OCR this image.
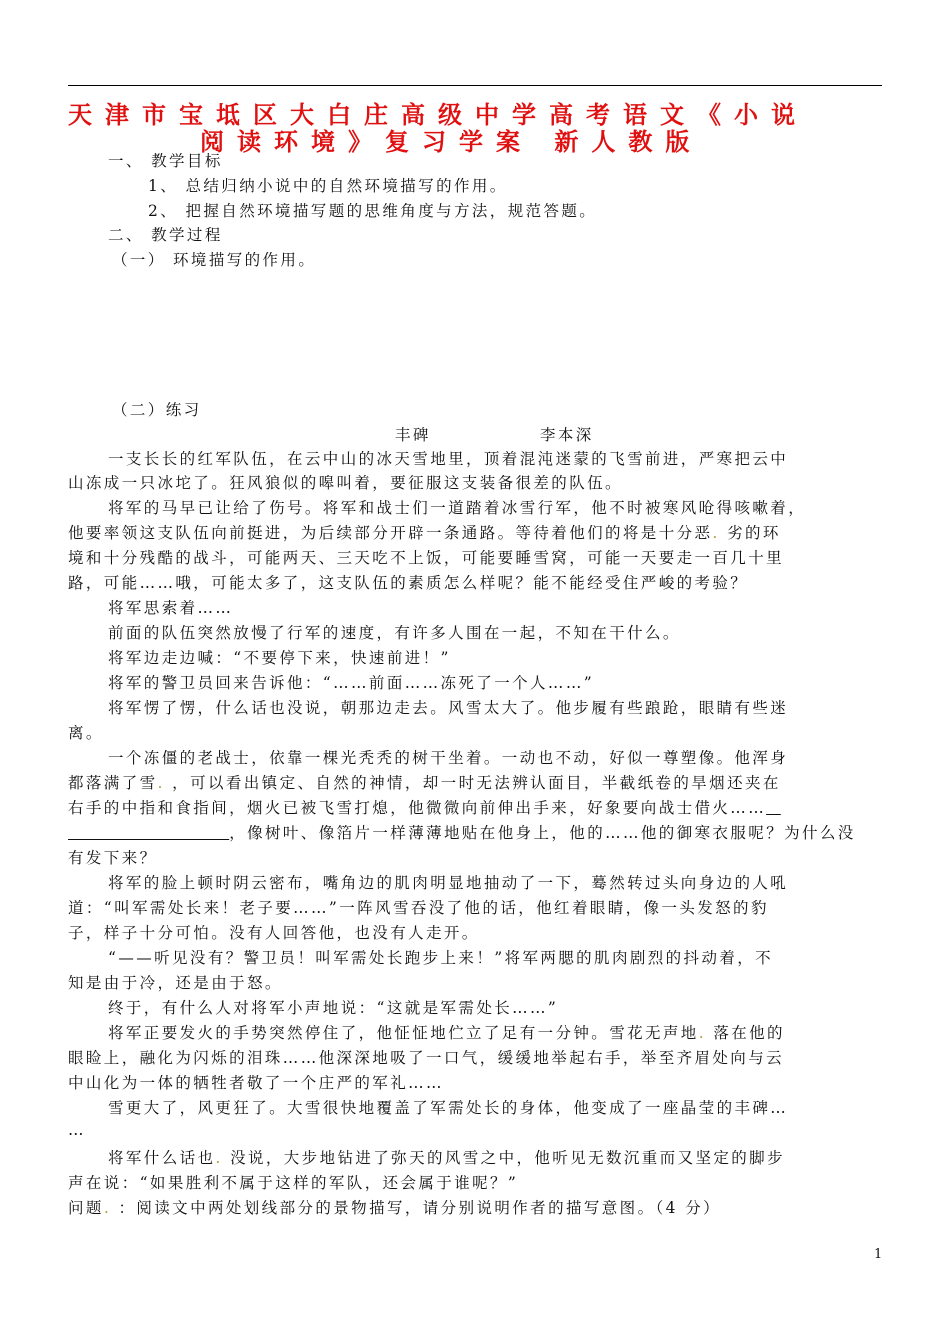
天津市宝坻区大白庄高级中学高考语文《小说
阅读环境》复习学案 新人教版
一、 教学目标
1、 总结归纳小说中的自然环境描写的作用。
2、 把握自然环境描写题的思维角度与方法，规范答题。
二、 教学过程
（一） 环境描写的作用。
（二）练习
丰碑	李本深
一支长长的红军队伍，在云中山的冰天雪地里，顶着混沌迷蒙的飞雪前进，严寒把云中
山冻成一只冰坨了。狂风狼似的嗥叫着，要征服这支装备很差的队伍。
将军的马早已让给了伤号。将军和战士们一道踏着冰雪行军，他不时被寒风呛得咳嗽着，
他要率领这支队伍向前挺进，为后续部分开辟一条通路。等待着他们的将是十分恶. 劣的环
境和十分残酷的战斗，可能两天、三天吃不上饭，可能要睡雪窝，可能一天要走一百几十里
路，可能……哦，可能太多了，这支队伍的素质怎么样呢？能不能经受住严峻的考验？
将军思索着……
前面的队伍突然放慢了行军的速度，有许多人围在一起，不知在干什么。
将军边走边喊：“不要停下来，快速前进！”
将军的警卫员回来告诉他：“……前面……冻死了一个人……”
将军愣了愣，什么话也没说，朝那边走去。风雪太大了。他步履有些踉跄，眼睛有些迷
离。
一个冻僵的老战士，依靠一棵光秃秃的树干坐着。一动也不动，好似一尊塑像。他浑身
都落满了雪. ，可以看出镇定、自然的神情，却一时无法辨认面目，半截纸卷的旱烟还夹在
右手的中指和食指间，烟火已被飞雪打熄，他微微向前伸出手来，好象要向战士借火……
，像树叶、像箔片一样薄薄地贴在他身上，他的……他的御寒衣服呢？为什么没
有发下来？
将军的脸上顿时阴云密布，嘴角边的肌肉明显地抽动了一下，蓦然转过头向身边的人吼
道：“叫军需处长来！老子要……”一阵风雪吞没了他的话，他红着眼睛，像一头发怒的豹
子，样子十分可怕。没有人回答他，也没有人走开。
“——听见没有？警卫员！叫军需处长跑步上来！”将军两腮的肌肉剧烈的抖动着，不
知是由于冷，还是由于怒。
终于，有什么人对将军小声地说：“这就是军需处长……”
将军正要发火的手势突然停住了，他怔怔地伫立了足有一分钟。雪花无声地. 落在他的
眼睑上，融化为闪烁的泪珠……他深深地吸了一口气，缓缓地举起右手，举至齐眉处向与云
中山化为一体的牺牲者敬了一个庄严的军礼……
雪更大了，风更狂了。大雪很快地覆盖了军需处长的身体，他变成了一座晶莹的丰碑…
…
将军什么话也. 没说，大步地钻进了弥天的风雪之中，他听见无数沉重而又坚定的脚步
声在说：“如果胜利不属于这样的军队，还会属于谁呢？”
问题. ：阅读文中两处划线部分的景物描写，请分别说明作者的描写意图。（4 分）
1
